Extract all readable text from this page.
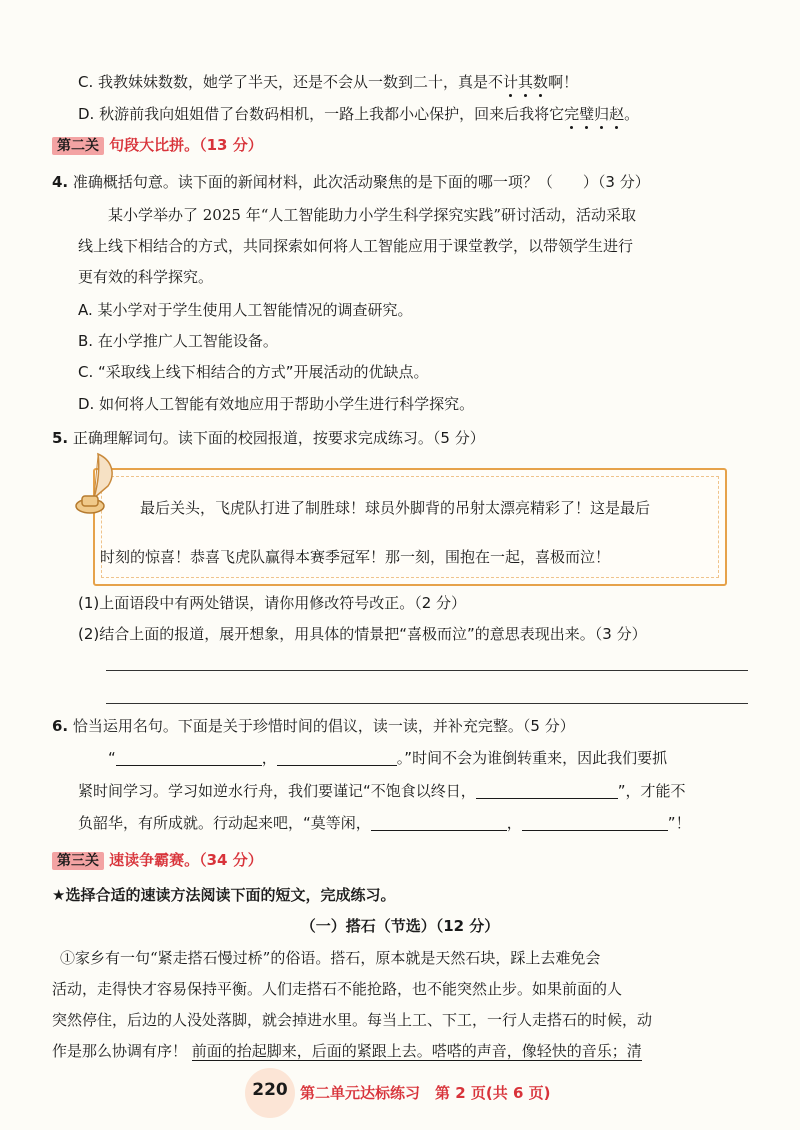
C. 我教妹妹数数，她学了半天，还是不会从一数到二十，真是不计其数啊！
D. 秋游前我向姐姐借了台数码相机，一路上我都小心保护，回来后我将它完璧归赵。
第二关 句段大比拼。（13 分）
4. 准确概括句意。读下面的新闻材料，此次活动聚焦的是下面的哪一项？（　　）（3 分）
某小学举办了 2025 年“人工智能助力小学生科学探究实践”研讨活动，活动采取
线上线下相结合的方式，共同探索如何将人工智能应用于课堂教学，以带领学生进行
更有效的科学探究。
A. 某小学对于学生使用人工智能情况的调查研究。
B. 在小学推广人工智能设备。
C. “采取线上线下相结合的方式”开展活动的优缺点。
D. 如何将人工智能有效地应用于帮助小学生进行科学探究。
5. 正确理解词句。读下面的校园报道，按要求完成练习。（5 分）
最后关头，飞虎队打进了制胜球！球员外脚背的吊射太漂亮精彩了！这是最后
时刻的惊喜！恭喜飞虎队赢得本赛季冠军！那一刻，围抱在一起，喜极而泣！
(1)上面语段中有两处错误，请你用修改符号改正。（2 分）
(2)结合上面的报道，展开想象，用具体的情景把“喜极而泣”的意思表现出来。（3 分）
6. 恰当运用名句。下面是关于珍惜时间的倡议，读一读，并补充完整。（5 分）
“	，	。”时间不会为谁倒转重来，因此我们要抓
紧时间学习。学习如逆水行舟，我们要谨记“不饱食以终日，	”，才能不
负韶华，有所成就。行动起来吧，“莫等闲，	，	”！
第三关 速读争霸赛。（34 分）
★选择合适的速读方法阅读下面的短文，完成练习。
（一）搭石（节选）（12 分）
①家乡有一句“紧走搭石慢过桥”的俗语。搭石，原本就是天然石块，踩上去难免会
活动，走得快才容易保持平衡。人们走搭石不能抢路，也不能突然止步。如果前面的人
突然停住，后边的人没处落脚，就会掉进水里。每当上工、下工，一行人走搭石的时候，动
作是那么协调有序！ 前面的抬起脚来，后面的紧跟上去。嗒嗒的声音，像轻快的音乐；清
220 第二单元达标练习　第 2 页(共 6 页)
